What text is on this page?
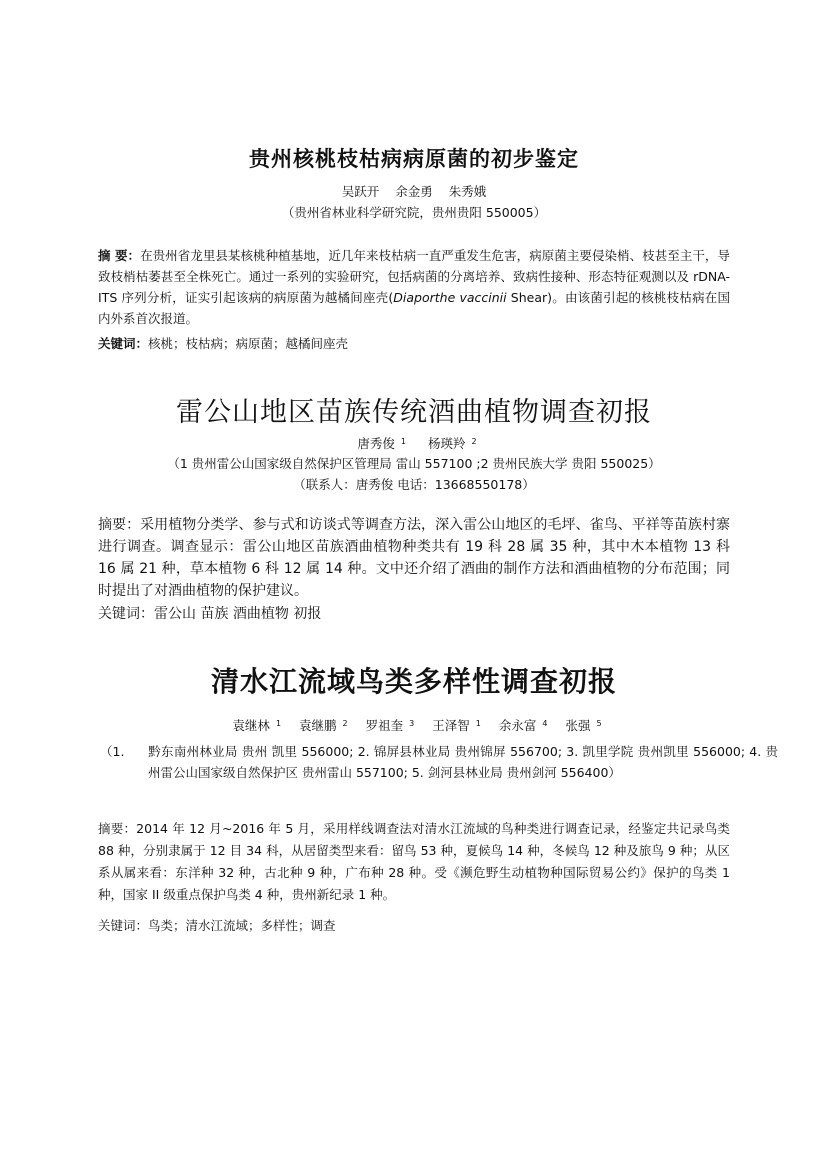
贵州核桃枝枯病病原菌的初步鉴定
吴跃开 余金勇 朱秀娥
（贵州省林业科学研究院，贵州贵阳 550005）
摘 要：在贵州省龙里县某核桃种植基地，近几年来枝枯病一直严重发生危害，病原菌主要侵染梢、枝甚至主干，导致枝梢枯萎甚至全株死亡。通过一系列的实验研究，包括病菌的分离培养、致病性接种、形态特征观测以及 rDNA-ITS 序列分析，证实引起该病的病原菌为越橘间座壳(Diaporthe vaccinii Shear)。由该菌引起的核桃枝枯病在国内外系首次报道。
关键词：核桃；枝枯病；病原菌；越橘间座壳
雷公山地区苗族传统酒曲植物调查初报
唐秀俊 $^1$ 杨瑛羚 $^2$
（1 贵州雷公山国家级自然保护区管理局 雷山 557100 ;2 贵州民族大学 贵阳 550025）
（联系人：唐秀俊 电话：13668550178）
摘要：采用植物分类学、参与式和访谈式等调查方法，深入雷公山地区的毛坪、雀鸟、平祥等苗族村寨进行调查。调查显示：雷公山地区苗族酒曲植物种类共有 19 科 28 属 35 种，其中木本植物 13 科 16 属 21 种，草本植物 6 科 12 属 14 种。文中还介绍了酒曲的制作方法和酒曲植物的分布范围；同时提出了对酒曲植物的保护建议。
关键词：雷公山 苗族 酒曲植物 初报
清水江流域鸟类多样性调查初报
袁继林 $^1$ 袁继鹏 $^2$ 罗祖奎 $^3$ 王泽智 $^1$ 余永富 $^4$ 张强 $^5$
（1. 黔东南州林业局 贵州 凯里 556000; 2. 锦屏县林业局 贵州锦屏 556700; 3. 凯里学院 贵州凯里 556000; 4. 贵州雷公山国家级自然保护区 贵州雷山 557100; 5. 剑河县林业局 贵州剑河 556400）
摘要：2014 年 12 月~2016 年 5 月，采用样线调查法对清水江流域的鸟种类进行调查记录，经鉴定共记录鸟类 88 种，分别隶属于 12 目 34 科，从居留类型来看：留鸟 53 种，夏候鸟 14 种，冬候鸟 12 种及旅鸟 9 种；从区系从属来看：东洋种 32 种，古北种 9 种，广布种 28 种。受《濒危野生动植物种国际贸易公约》保护的鸟类 1 种，国家 II 级重点保护鸟类 4 种，贵州新纪录 1 种。
关键词：鸟类；清水江流域；多样性；调查
